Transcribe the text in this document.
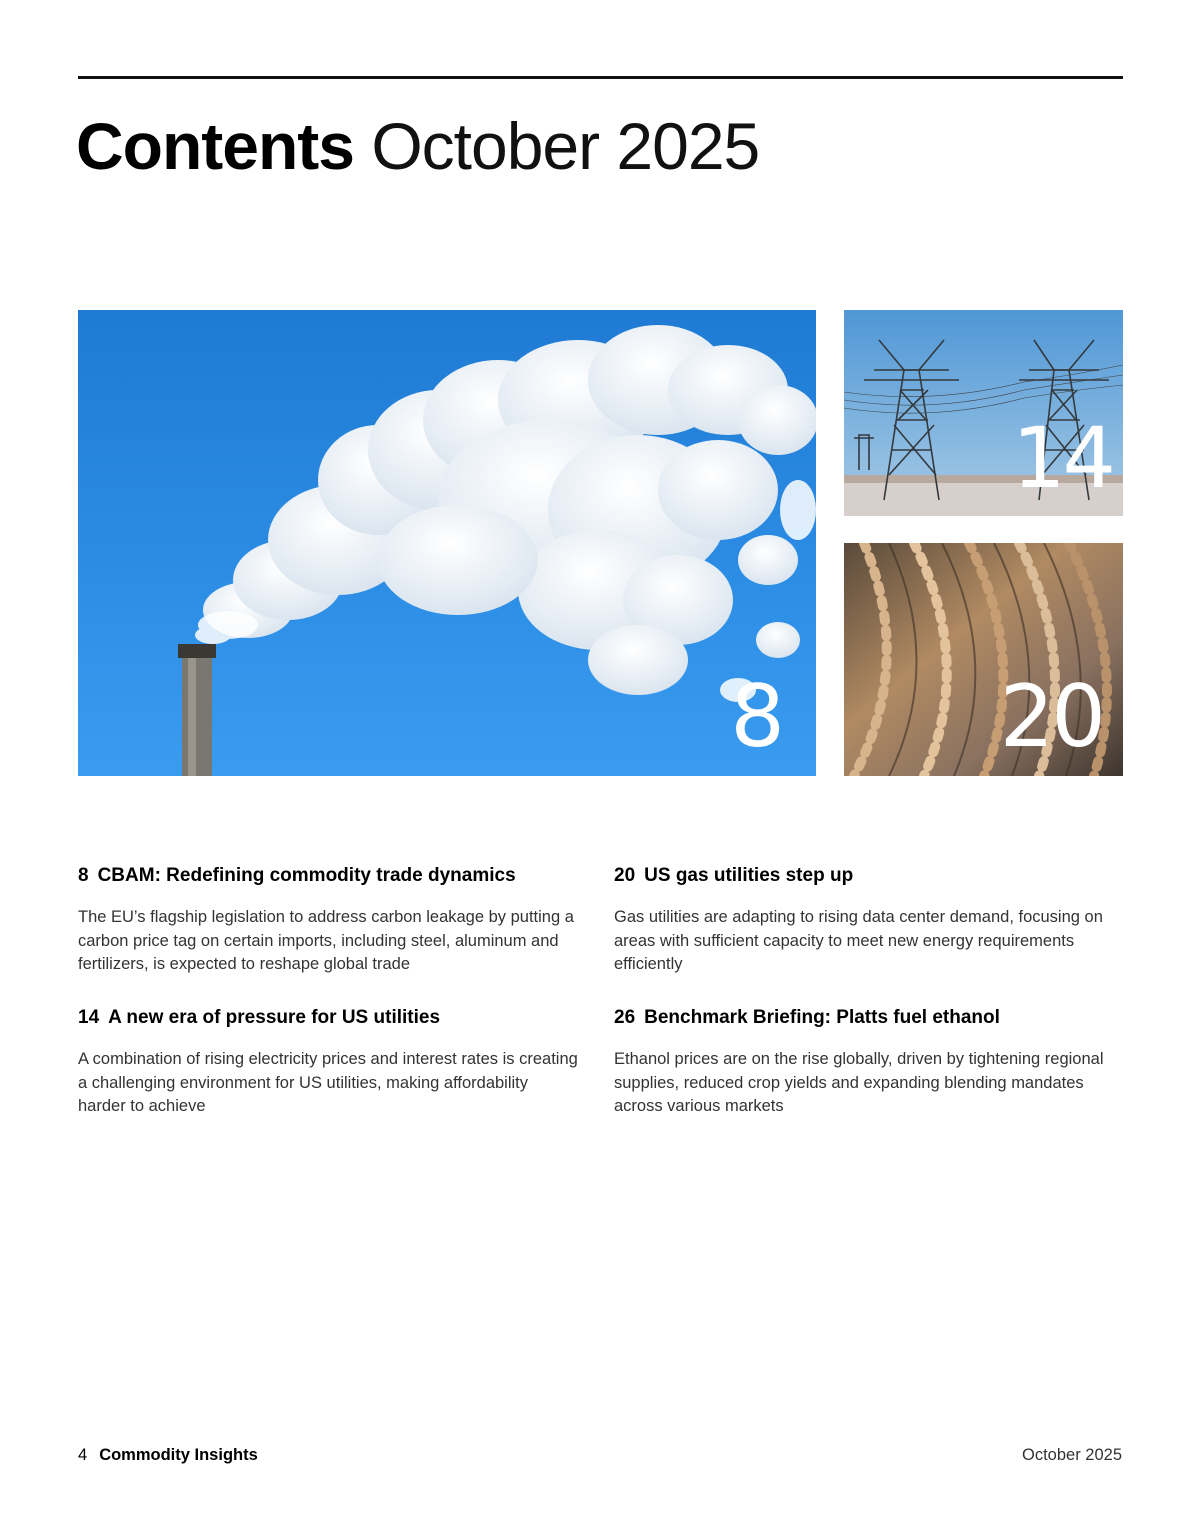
Contents October 2025
8
14
20
8 CBAM: Redefining commodity trade dynamics

The EU’s flagship legislation to address carbon leakage by putting a carbon price tag on certain imports, including steel, aluminum and fertilizers, is expected to reshape global trade

20 US gas utilities step up

Gas utilities are adapting to rising data center demand, focusing on areas with sufficient capacity to meet new energy requirements efficiently

14 A new era of pressure for US utilities

A combination of rising electricity prices and interest rates is creating a challenging environment for US utilities, making affordability harder to achieve

26 Benchmark Briefing: Platts fuel ethanol

Ethanol prices are on the rise globally, driven by tightening regional supplies, reduced crop yields and expanding blending mandates across various markets

4 Commodity Insights	October 2025
